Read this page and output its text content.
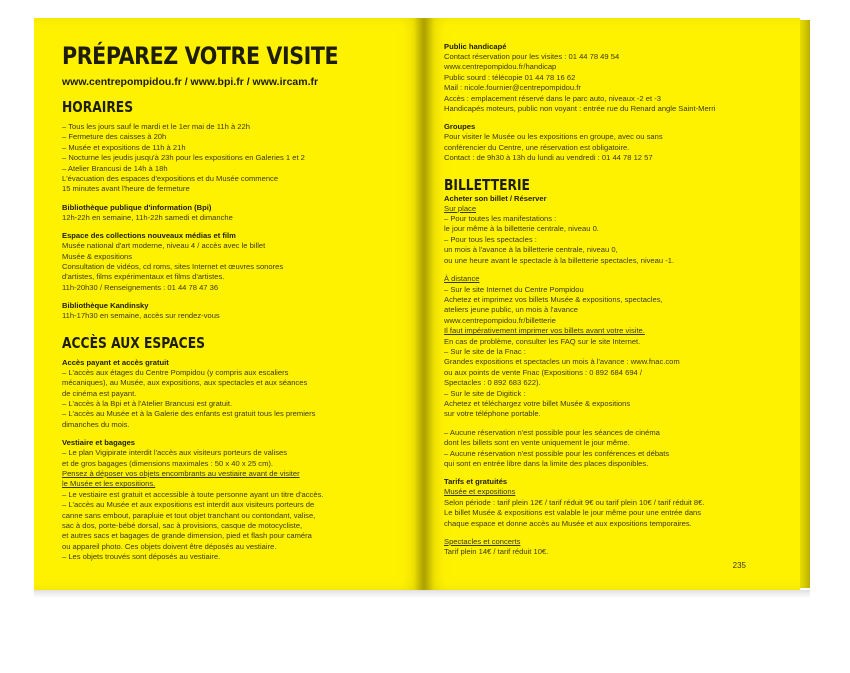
PRÉPAREZ VOTRE VISITE
www.centrepompidou.fr / www.bpi.fr / www.ircam.fr
HORAIRES
– Tous les jours sauf le mardi et le 1er mai de 11h à 22h
– Fermeture des caisses à 20h
– Musée et expositions de 11h à 21h
– Nocturne les jeudis jusqu'à 23h pour les expositions en Galeries 1 et 2
– Atelier Brancusi de 14h à 18h
L'évacuation des espaces d'expositions et du Musée commence
15 minutes avant l'heure de fermeture
Bibliothèque publique d'information (Bpi)
12h-22h en semaine, 11h-22h samedi et dimanche
Espace des collections nouveaux médias et film
Musée national d'art moderne, niveau 4 / accès avec le billet
Musée & expositions
Consultation de vidéos, cd roms, sites Internet et œuvres sonores
d'artistes, films expérimentaux et films d'artistes.
11h-20h30 / Renseignements : 01 44 78 47 36
Bibliothèque Kandinsky
11h-17h30 en semaine, accès sur rendez-vous
ACCÈS AUX ESPACES
Accès payant et accès gratuit
– L'accès aux étages du Centre Pompidou (y compris aux escaliers
mécaniques), au Musée, aux expositions, aux spectacles et aux séances
de cinéma est payant.
– L'accès à la Bpi et à l'Atelier Brancusi est gratuit.
– L'accès au Musée et à la Galerie des enfants est gratuit tous les premiers
dimanches du mois.
Vestiaire et bagages
– Le plan Vigipirate interdit l'accès aux visiteurs porteurs de valises
et de gros bagages (dimensions maximales : 50 x 40 x 25 cm).
Pensez à déposer vos objets encombrants au vestiaire avant de visiter
le Musée et les expositions.
– Le vestiaire est gratuit et accessible à toute personne ayant un titre d'accès.
– L'accès au Musée et aux expositions est interdit aux visiteurs porteurs de
canne sans embout, parapluie et tout objet tranchant ou contondant, valise,
sac à dos, porte-bébé dorsal, sac à provisions, casque de motocycliste,
et autres sacs et bagages de grande dimension, pied et flash pour caméra
ou appareil photo. Ces objets doivent être déposés au vestiaire.
– Les objets trouvés sont déposés au vestiaire.
Public handicapé
Contact réservation pour les visites : 01 44 78 49 54
www.centrepompidou.fr/handicap
Public sourd : télécopie 01 44 78 16 62
Mail : nicole.fournier@centrepompidou.fr
Accès : emplacement réservé dans le parc auto, niveaux -2 et -3
Handicapés moteurs, public non voyant : entrée rue du Renard angle Saint-Merri
Groupes
Pour visiter le Musée ou les expositions en groupe, avec ou sans
conférencier du Centre, une réservation est obligatoire.
Contact : de 9h30 à 13h du lundi au vendredi : 01 44 78 12 57
BILLETTERIE
Acheter son billet / Réserver
Sur place
– Pour toutes les manifestations :
le jour même à la billetterie centrale, niveau 0.
– Pour tous les spectacles :
un mois à l'avance à la billetterie centrale, niveau 0,
ou une heure avant le spectacle à la billetterie spectacles, niveau -1.
À distance
– Sur le site Internet du Centre Pompidou
Achetez et imprimez vos billets Musée & expositions, spectacles,
ateliers jeune public, un mois à l'avance
www.centrepompidou.fr/billetterie
Il faut impérativement imprimer vos billets avant votre visite.
En cas de problème, consulter les FAQ sur le site Internet.
– Sur le site de la Fnac :
Grandes expositions et spectacles un mois à l'avance : www.fnac.com
ou aux points de vente Fnac (Expositions : 0 892 684 694 /
Spectacles : 0 892 683 622).
– Sur le site de Digitick :
Achetez et téléchargez votre billet Musée & expositions
sur votre téléphone portable.
– Aucune réservation n'est possible pour les séances de cinéma
dont les billets sont en vente uniquement le jour même.
– Aucune réservation n'est possible pour les conférences et débats
qui sont en entrée libre dans la limite des places disponibles.
Tarifs et gratuités
Musée et expositions
Selon période : tarif plein 12€ / tarif réduit 9€ ou tarif plein 10€ / tarif réduit 8€.
Le billet Musée & expositions est valable le jour même pour une entrée dans
chaque espace et donne accès au Musée et aux expositions temporaires.
Spectacles et concerts
Tarif plein 14€ / tarif réduit 10€.
235
